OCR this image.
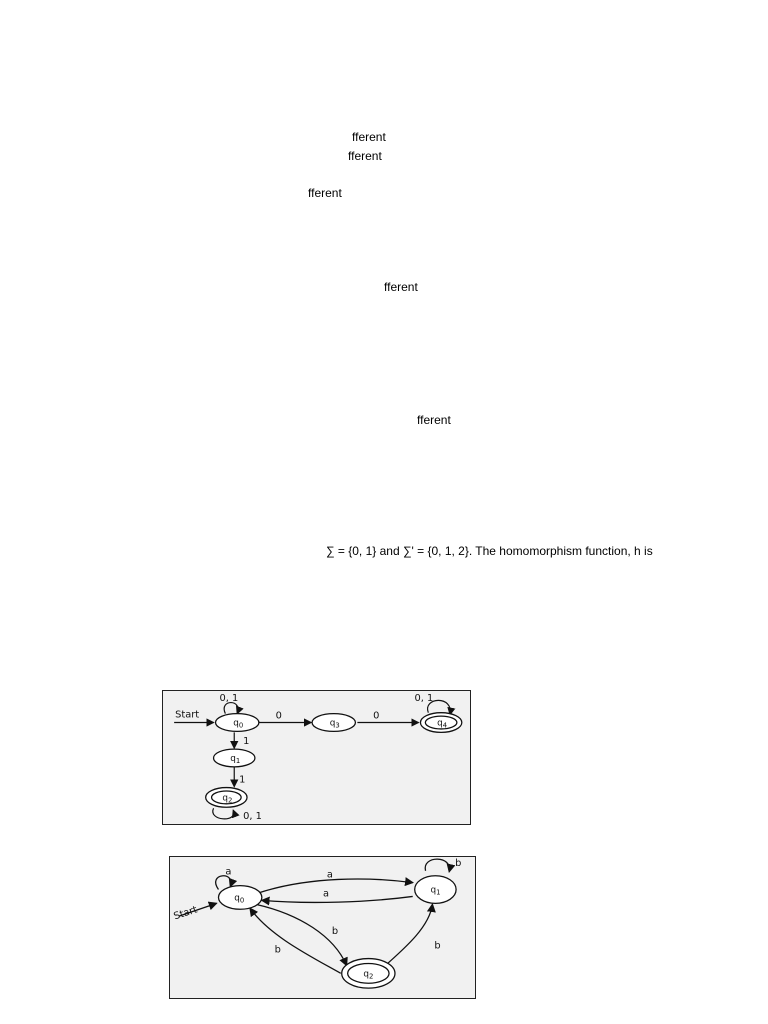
fferent
fferent
fferent
fferent
fferent
∑ = {0, 1} and ∑' = {0, 1, 2}. The homomorphism function, h is
Start
0, 1	0, 1
0, 1
0	0
1
1
$q_0$	$q_3$	$q_4$
$q_1$
$q_2$
Start
a
b
a
a
b
b	b
$q_0$
$q_1$
$q_2$
